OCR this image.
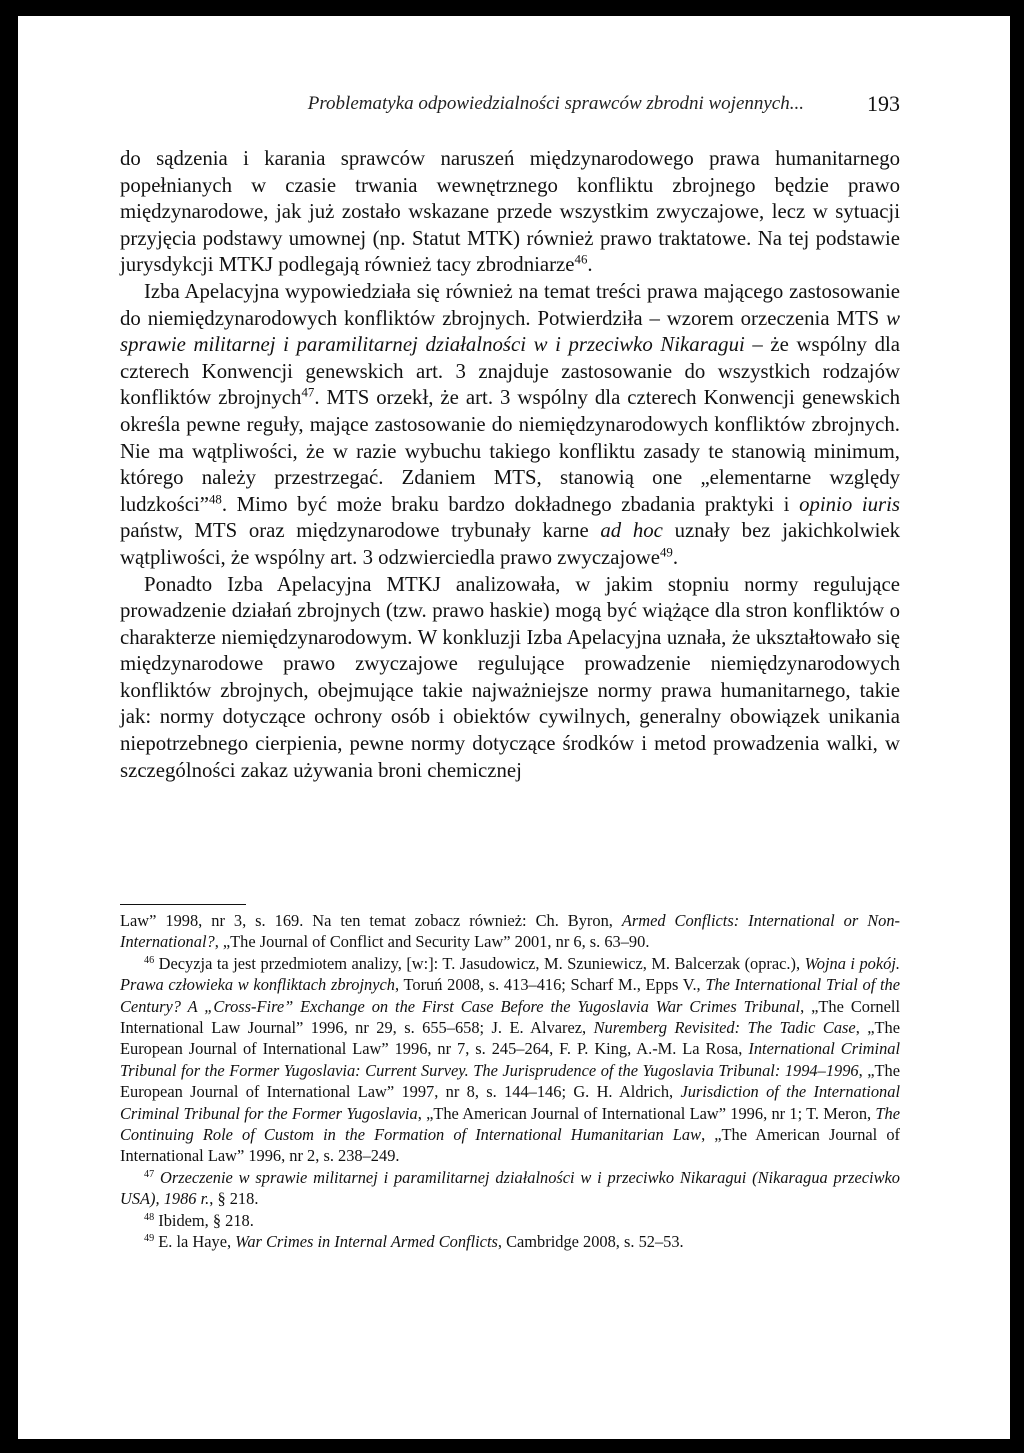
Problematyka odpowiedzialności sprawców zbrodni wojennych...	193

do sądzenia i karania sprawców naruszeń międzynarodowego prawa humanitarnego popełnianych w czasie trwania wewnętrznego konfliktu zbrojnego będzie prawo międzynarodowe, jak już zostało wskazane przede wszystkim zwyczajowe, lecz w sytuacji przyjęcia podstawy umownej (np. Statut MTK) również prawo traktatowe. Na tej podstawie jurysdykcji MTKJ podlegają również tacy zbrodniarze$^{46}$.

Izba Apelacyjna wypowiedziała się również na temat treści prawa mającego zastosowanie do niemiędzynarodowych konfliktów zbrojnych. Potwierdziła – wzorem orzeczenia MTS w sprawie militarnej i paramilitarnej działalności w i przeciwko Nikaragui – że wspólny dla czterech Konwencji genewskich art. 3 znajduje zastosowanie do wszystkich rodzajów konfliktów zbrojnych$^{47}$. MTS orzekł, że art. 3 wspólny dla czterech Konwencji genewskich określa pewne reguły, mające zastosowanie do niemiędzynarodowych konfliktów zbrojnych. Nie ma wątpliwości, że w razie wybuchu takiego konfliktu zasady te stanowią minimum, którego należy przestrzegać. Zdaniem MTS, stanowią one „elementarne względy ludzkości”$^{48}$. Mimo być może braku bardzo dokładnego zbadania praktyki i opinio iuris państw, MTS oraz międzynarodowe trybunały karne ad hoc uznały bez jakichkolwiek wątpliwości, że wspólny art. 3 odzwierciedla prawo zwyczajowe$^{49}$.

Ponadto Izba Apelacyjna MTKJ analizowała, w jakim stopniu normy regulujące prowadzenie działań zbrojnych (tzw. prawo haskie) mogą być wiążące dla stron konfliktów o charakterze niemiędzynarodowym. W konkluzji Izba Apelacyjna uznała, że ukształtowało się międzynarodowe prawo zwyczajowe regulujące prowadzenie niemiędzynarodowych konfliktów zbrojnych, obejmujące takie najważniejsze normy prawa humanitarnego, takie jak: normy dotyczące ochrony osób i obiektów cywilnych, generalny obowiązek unikania niepotrzebnego cierpienia, pewne normy dotyczące środków i metod prowadzenia walki, w szczególności zakaz używania broni chemicznej

Law” 1998, nr 3, s. 169. Na ten temat zobacz również: Ch. Byron, Armed Conflicts: International or Non-International?, „The Journal of Conflict and Security Law” 2001, nr 6, s. 63–90.

$^{46}$ Decyzja ta jest przedmiotem analizy, [w:]: T. Jasudowicz, M. Szuniewicz, M. Balcerzak (oprac.), Wojna i pokój. Prawa człowieka w konfliktach zbrojnych, Toruń 2008, s. 413–416; Scharf M., Epps V., The International Trial of the Century? A „Cross-Fire” Exchange on the First Case Before the Yugoslavia War Crimes Tribunal, „The Cornell International Law Journal” 1996, nr 29, s. 655–658; J. E. Alvarez, Nuremberg Revisited: The Tadic Case, „The European Journal of International Law” 1996, nr 7, s. 245–264, F. P. King, A.-M. La Rosa, International Criminal Tribunal for the Former Yugoslavia: Current Survey. The Jurisprudence of the Yugoslavia Tribunal: 1994–1996, „The European Journal of International Law” 1997, nr 8, s. 144–146; G. H. Aldrich, Jurisdiction of the International Criminal Tribunal for the Former Yugoslavia, „The American Journal of International Law” 1996, nr 1; T. Meron, The Continuing Role of Custom in the Formation of International Humanitarian Law, „The American Journal of International Law” 1996, nr 2, s. 238–249.

$^{47}$ Orzeczenie w sprawie militarnej i paramilitarnej działalności w i przeciwko Nikaragui (Nikaragua przeciwko USA), 1986 r., § 218.

$^{48}$ Ibidem, § 218.

$^{49}$ E. la Haye, War Crimes in Internal Armed Conflicts, Cambridge 2008, s. 52–53.
